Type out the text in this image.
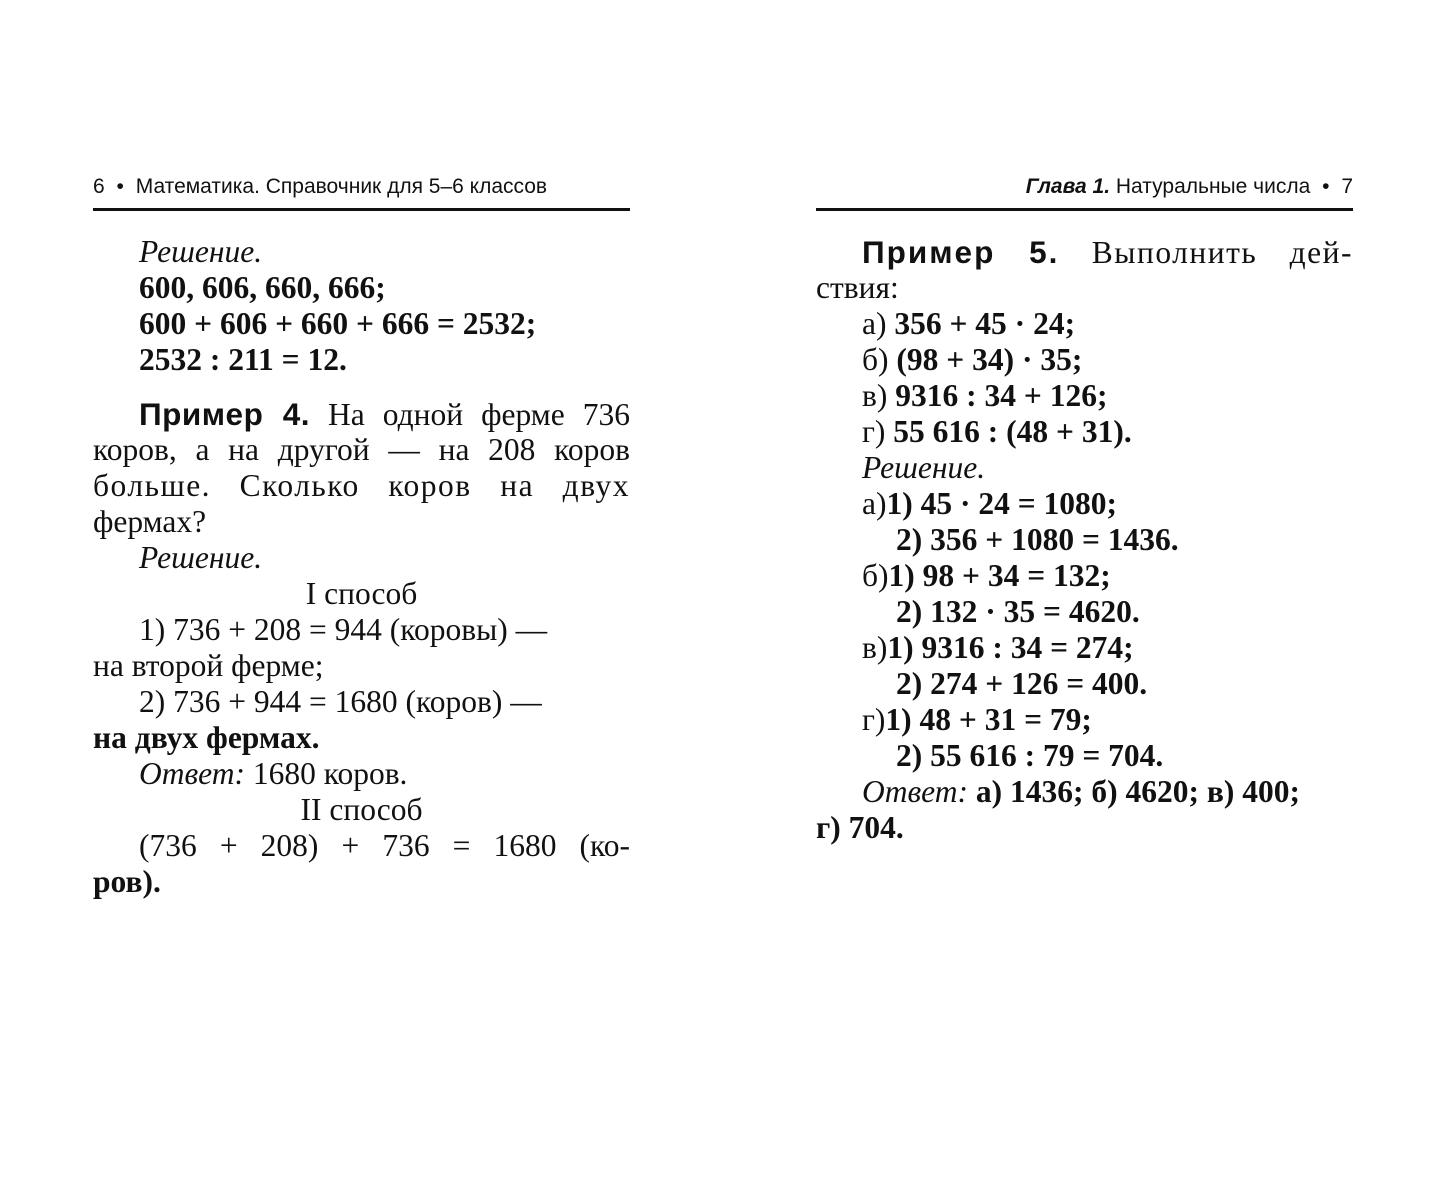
6 • Математика. Справочник для 5–6 классов
Решение.
600, 606, 660, 666;
600 + 606 + 660 + 666 = 2532;
2532 : 211 = 12.
Пример 4. На одной ферме 736
коров, а на другой — на 208 коров
больше. Сколько коров на двух
фермах?
Решение.
I способ
1) 736 + 208 = 944 (коровы) —
на второй ферме;
2) 736 + 944 = 1680 (коров) —
на двух фермах.
Ответ: 1680 коров.
II способ
(736 + 208) + 736 = 1680 (ко-
ров).
Глава 1. Натуральные числа • 7
Пример 5. Выполнить дей-
ствия:
а) 356 + 45 · 24;
б) (98 + 34) · 35;
в) 9316 : 34 + 126;
г) 55 616 : (48 + 31).
Решение.
а)1) 45 · 24 = 1080;
2) 356 + 1080 = 1436.
б)1) 98 + 34 = 132;
2) 132 · 35 = 4620.
в)1) 9316 : 34 = 274;
2) 274 + 126 = 400.
г)1) 48 + 31 = 79;
2) 55 616 : 79 = 704.
Ответ: а) 1436; б) 4620; в) 400;
г) 704.
